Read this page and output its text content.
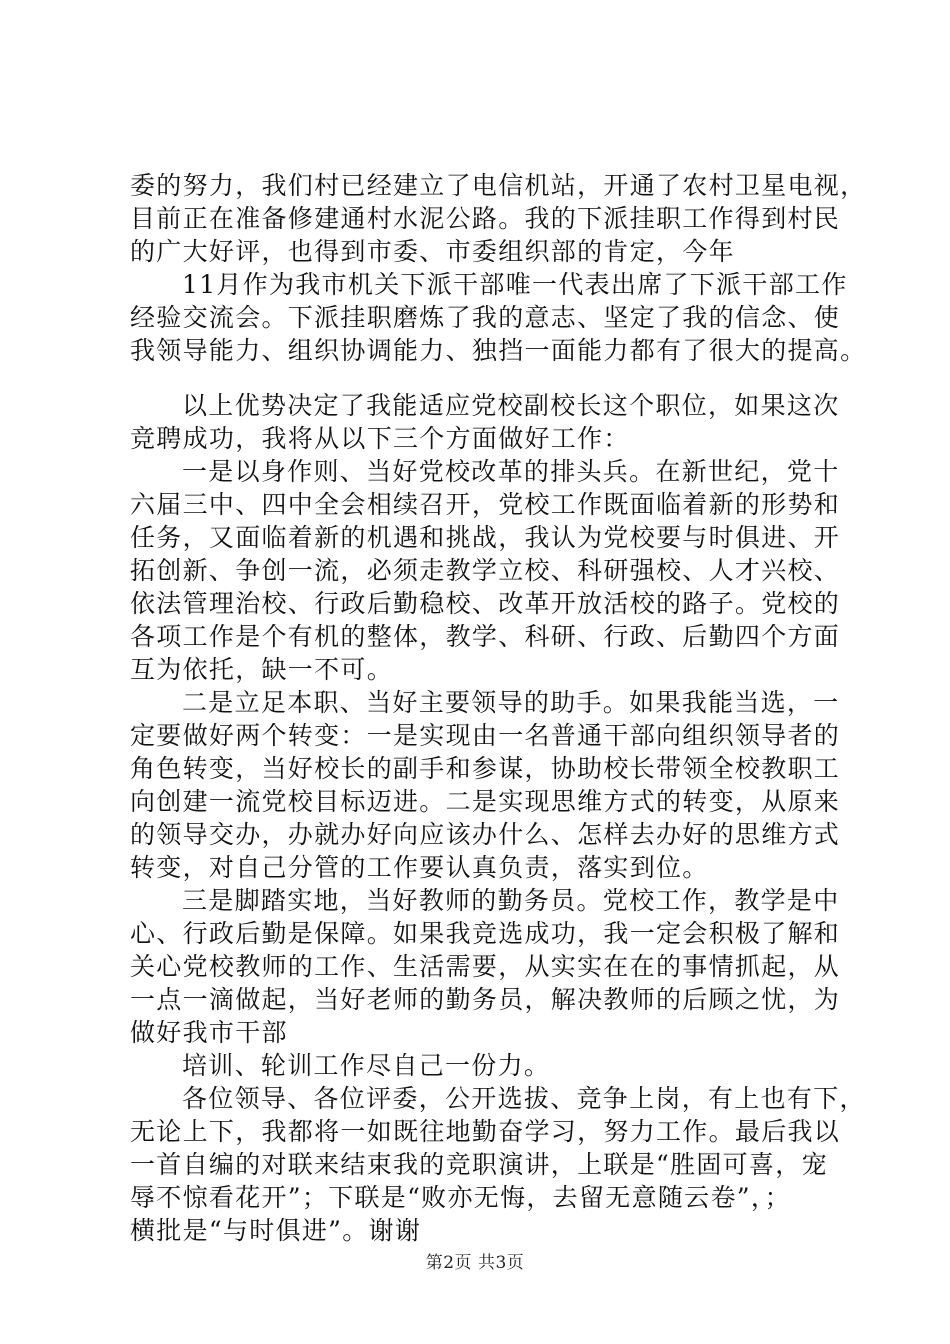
委的努力，我们村已经建立了电信机站，开通了农村卫星电视，
目前正在准备修建通村水泥公路。我的下派挂职工作得到村民
的广大好评，也得到市委、市委组织部的肯定，今年
11月作为我市机关下派干部唯一代表出席了下派干部工作
经验交流会。下派挂职磨炼了我的意志、坚定了我的信念、使
我领导能力、组织协调能力、独挡一面能力都有了很大的提高。
以上优势决定了我能适应党校副校长这个职位，如果这次
竞聘成功，我将从以下三个方面做好工作：
一是以身作则、当好党校改革的排头兵。在新世纪，党十
六届三中、四中全会相续召开，党校工作既面临着新的形势和
任务，又面临着新的机遇和挑战，我认为党校要与时俱进、开
拓创新、争创一流，必须走教学立校、科研强校、人才兴校、
依法管理治校、行政后勤稳校、改革开放活校的路子。党校的
各项工作是个有机的整体，教学、科研、行政、后勤四个方面
互为依托，缺一不可。
二是立足本职、当好主要领导的助手。如果我能当选，一
定要做好两个转变：一是实现由一名普通干部向组织领导者的
角色转变，当好校长的副手和参谋，协助校长带领全校教职工
向创建一流党校目标迈进。二是实现思维方式的转变，从原来
的领导交办，办就办好向应该办什么、怎样去办好的思维方式
转变，对自己分管的工作要认真负责，落实到位。
三是脚踏实地，当好教师的勤务员。党校工作，教学是中
心、行政后勤是保障。如果我竞选成功，我一定会积极了解和
关心党校教师的工作、生活需要，从实实在在的事情抓起，从
一点一滴做起，当好老师的勤务员，解决教师的后顾之忧，为
做好我市干部
培训、轮训工作尽自己一份力。
各位领导、各位评委，公开选拔、竞争上岗，有上也有下，
无论上下，我都将一如既往地勤奋学习，努力工作。最后我以
一首自编的对联来结束我的竞职演讲，上联是“胜固可喜，宠
辱不惊看花开”；下联是“败亦无悔，去留无意随云卷”，；
横批是“与时俱进”。谢谢
第2页 共3页
